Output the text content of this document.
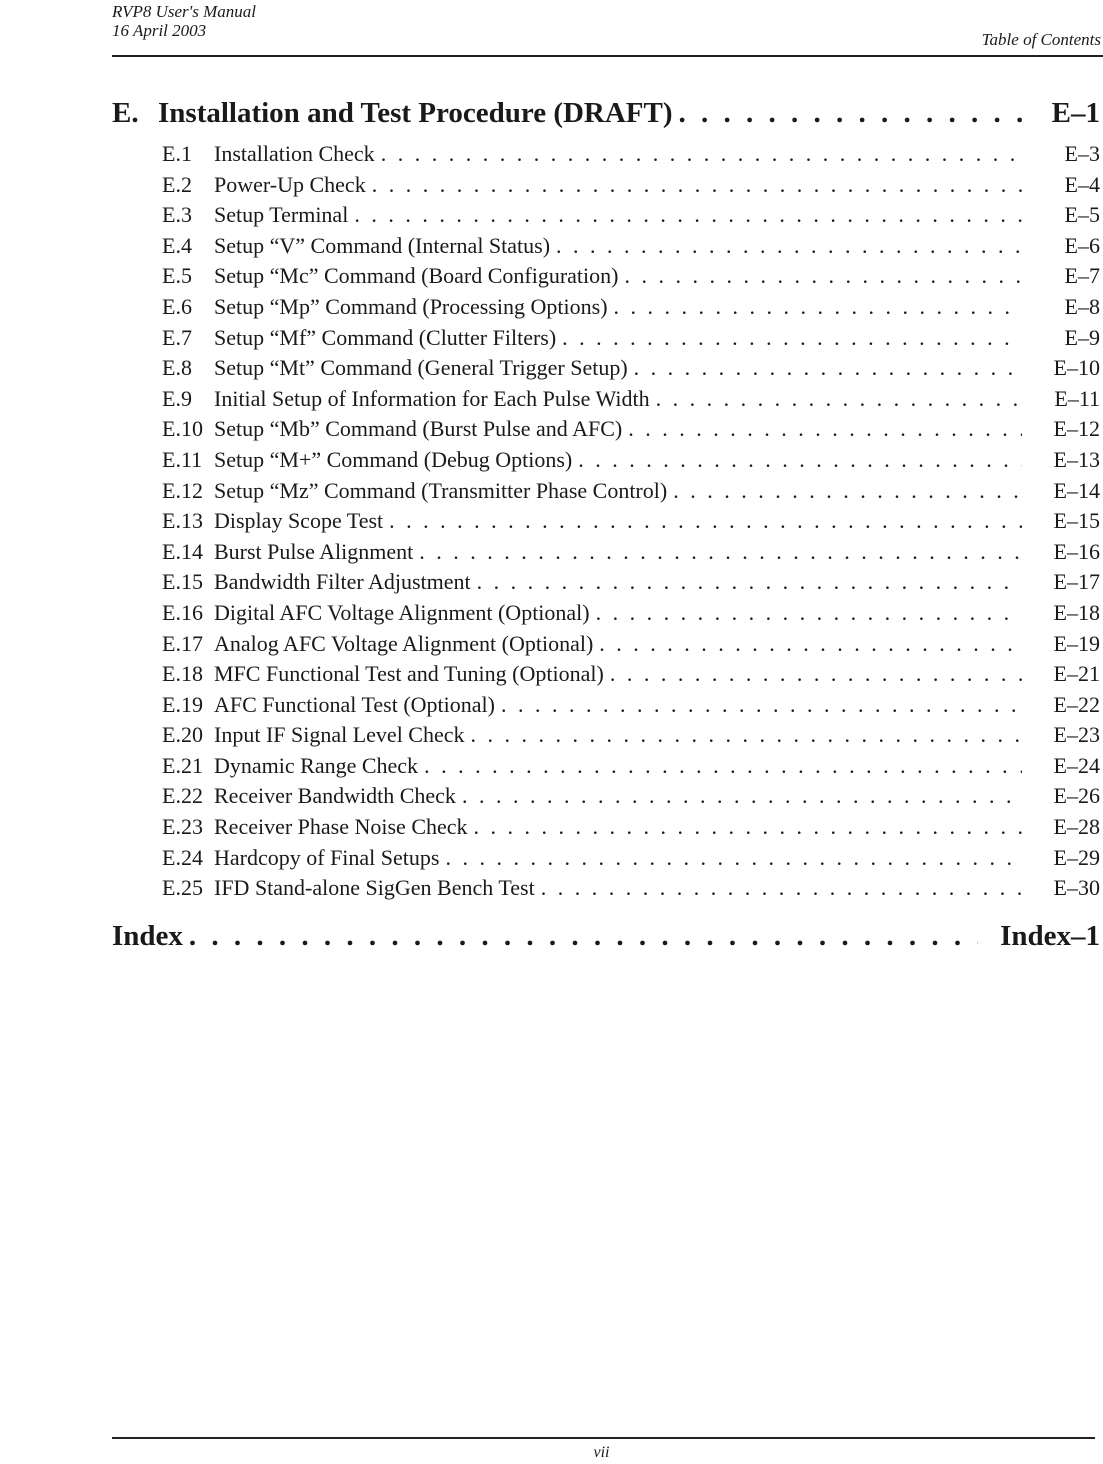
RVP8 User's Manual
16 April 2003	Table of Contents
E. Installation and Test Procedure (DRAFT) . . .	E–1
E.1	Installation Check . . .	E–3
E.2	Power-Up Check . . .	E–4
E.3	Setup Terminal . . .	E–5
E.4	Setup “V” Command (Internal Status) . . .	E–6
E.5	Setup “Mc” Command (Board Configuration) . . .	E–7
E.6	Setup “Mp” Command (Processing Options) . . .	E–8
E.7	Setup “Mf” Command (Clutter Filters) . . .	E–9
E.8	Setup “Mt” Command (General Trigger Setup) . . .	E–10
E.9	Initial Setup of Information for Each Pulse Width . . .	E–11
E.10 Setup “Mb” Command (Burst Pulse and AFC) . . .	E–12
E.11 Setup “M+” Command (Debug Options) . . .	E–13
E.12 Setup “Mz” Command (Transmitter Phase Control) . . .	E–14
E.13 Display Scope Test . . .	E–15
E.14 Burst Pulse Alignment . . .	E–16
E.15 Bandwidth Filter Adjustment . . .	E–17
E.16 Digital AFC Voltage Alignment (Optional) . . .	E–18
E.17 Analog AFC Voltage Alignment (Optional) . . .	E–19
E.18 MFC Functional Test and Tuning (Optional) . . .	E–21
E.19 AFC Functional Test (Optional) . . .	E–22
E.20 Input IF Signal Level Check . . .	E–23
E.21 Dynamic Range Check . . .	E–24
E.22 Receiver Bandwidth Check . . .	E–26
E.23 Receiver Phase Noise Check . . .	E–28
E.24 Hardcopy of Final Setups . . .	E–29
E.25 IFD Stand-alone SigGen Bench Test . . .	E–30
Index . . .	Index–1
vii
